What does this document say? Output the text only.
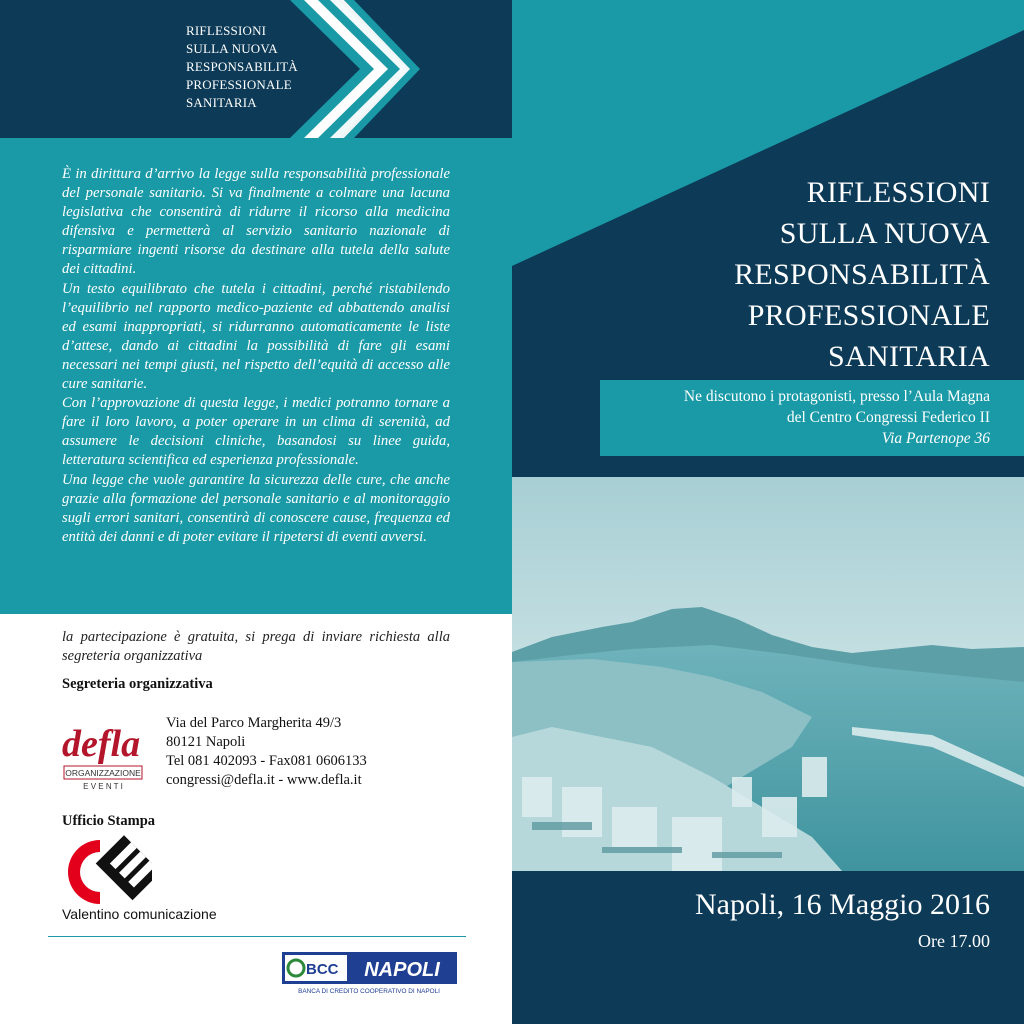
RIFLESSIONI
SULLA NUOVA
RESPONSABILITÀ
PROFESSIONALE
SANITARIA

È in dirittura d’arrivo la legge sulla responsabilità professionale del personale sanitario. Si va finalmente a colmare una lacuna legislativa che consentirà di ridurre il ricorso alla medicina difensiva e permetterà al servizio sanitario nazionale di risparmiare ingenti risorse da destinare alla tutela della salute dei cittadini.

Un testo equilibrato che tutela i cittadini, perché ristabilendo l’equilibrio nel rapporto medico-paziente ed abbattendo analisi ed esami inappropriati, si ridurranno automaticamente le liste d’attese, dando ai cittadini la possibilità di fare gli esami necessari nei tempi giusti, nel rispetto dell’equità di accesso alle cure sanitarie.

Con l’approvazione di questa legge, i medici potranno tornare a fare il loro lavoro, a poter operare in un clima di serenità, ad assumere le decisioni cliniche, basandosi su linee guida, letteratura scientifica ed esperienza professionale.

Una legge che vuole garantire la sicurezza delle cure, che anche grazie alla formazione del personale sanitario e al monitoraggio sugli errori sanitari, consentirà di conoscere cause, frequenza ed entità dei danni e di poter evitare il ripetersi di eventi avversi.

la partecipazione è gratuita, si prega di inviare richiesta alla segreteria organizzativa
Segreteria organizzativa
defla
ORGANIZZAZIONE
E V E N T I
Via del Parco Margherita 49/3
80121 Napoli
Tel 081 402093 - Fax081 0606133
congressi@defla.it - www.defla.it
Ufficio Stampa
Valentino comunicazione
BCC NAPOLI
BANCA DI CREDITO COOPERATIVO DI NAPOLI
RIFLESSIONI
SULLA NUOVA
RESPONSABILITÀ
PROFESSIONALE
SANITARIA
Ne discutono i protagonisti, presso l’Aula Magna
del Centro Congressi Federico II
Via Partenope 36
Napoli, 16 Maggio 2016
Ore 17.00
